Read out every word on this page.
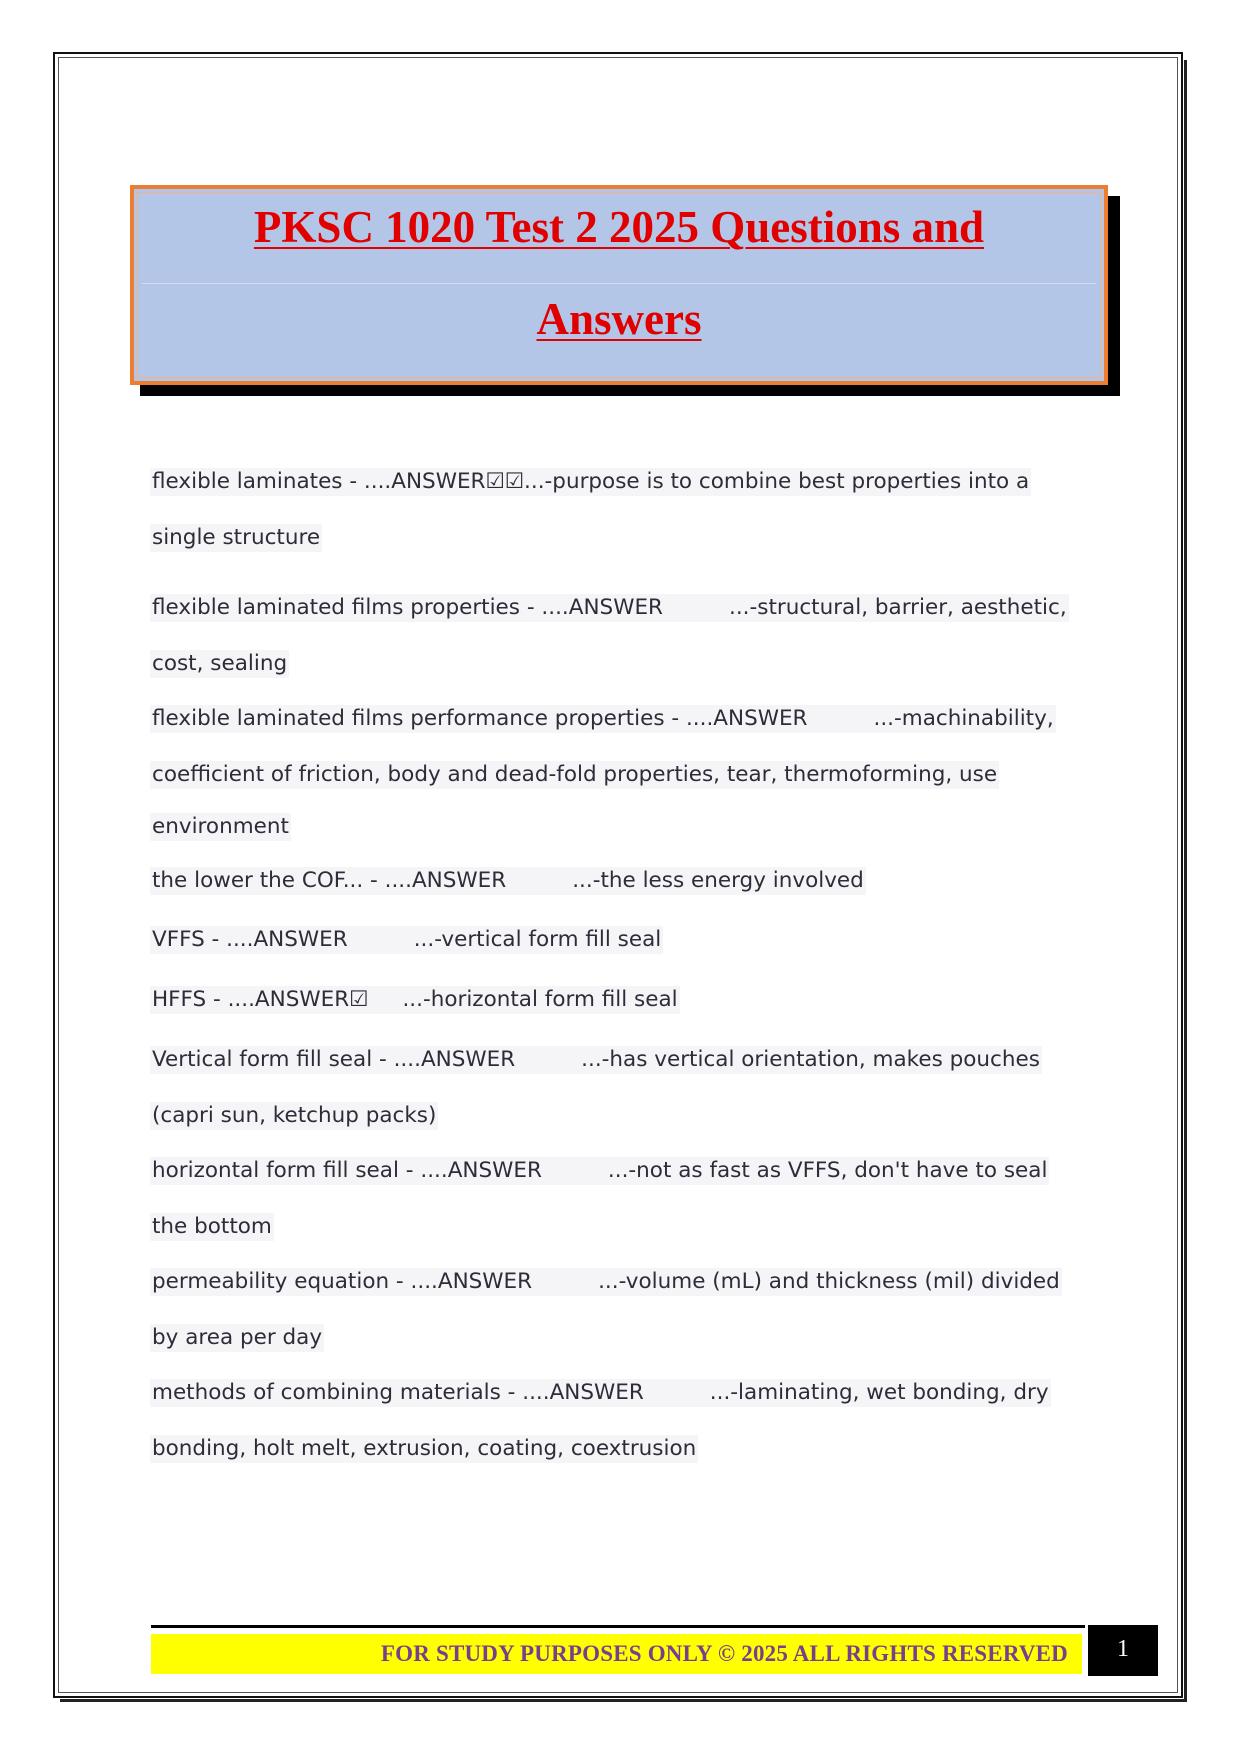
PKSC 1020 Test 2 2025 Questions and
Answers
flexible laminates - ....ANSWER☑☑...-purpose is to combine best properties into a
single structure
flexible laminated films properties - ....ANSWER	...-structural, barrier, aesthetic,
cost, sealing
flexible laminated films performance properties - ....ANSWER	...-machinability,
coefficient of friction, body and dead-fold properties, tear, thermoforming, use
environment
the lower the COF... - ....ANSWER	...-the less energy involved
VFFS - ....ANSWER	...-vertical form fill seal
HFFS - ....ANSWER☑ ...-horizontal form fill seal
Vertical form fill seal - ....ANSWER	...-has vertical orientation, makes pouches
(capri sun, ketchup packs)
horizontal form fill seal - ....ANSWER	...-not as fast as VFFS, don't have to seal
the bottom
permeability equation - ....ANSWER	...-volume (mL) and thickness (mil) divided
by area per day
methods of combining materials - ....ANSWER	...-laminating, wet bonding, dry
bonding, holt melt, extrusion, coating, coextrusion
FOR STUDY PURPOSES ONLY © 2025 ALL RIGHTS RESERVED	1
